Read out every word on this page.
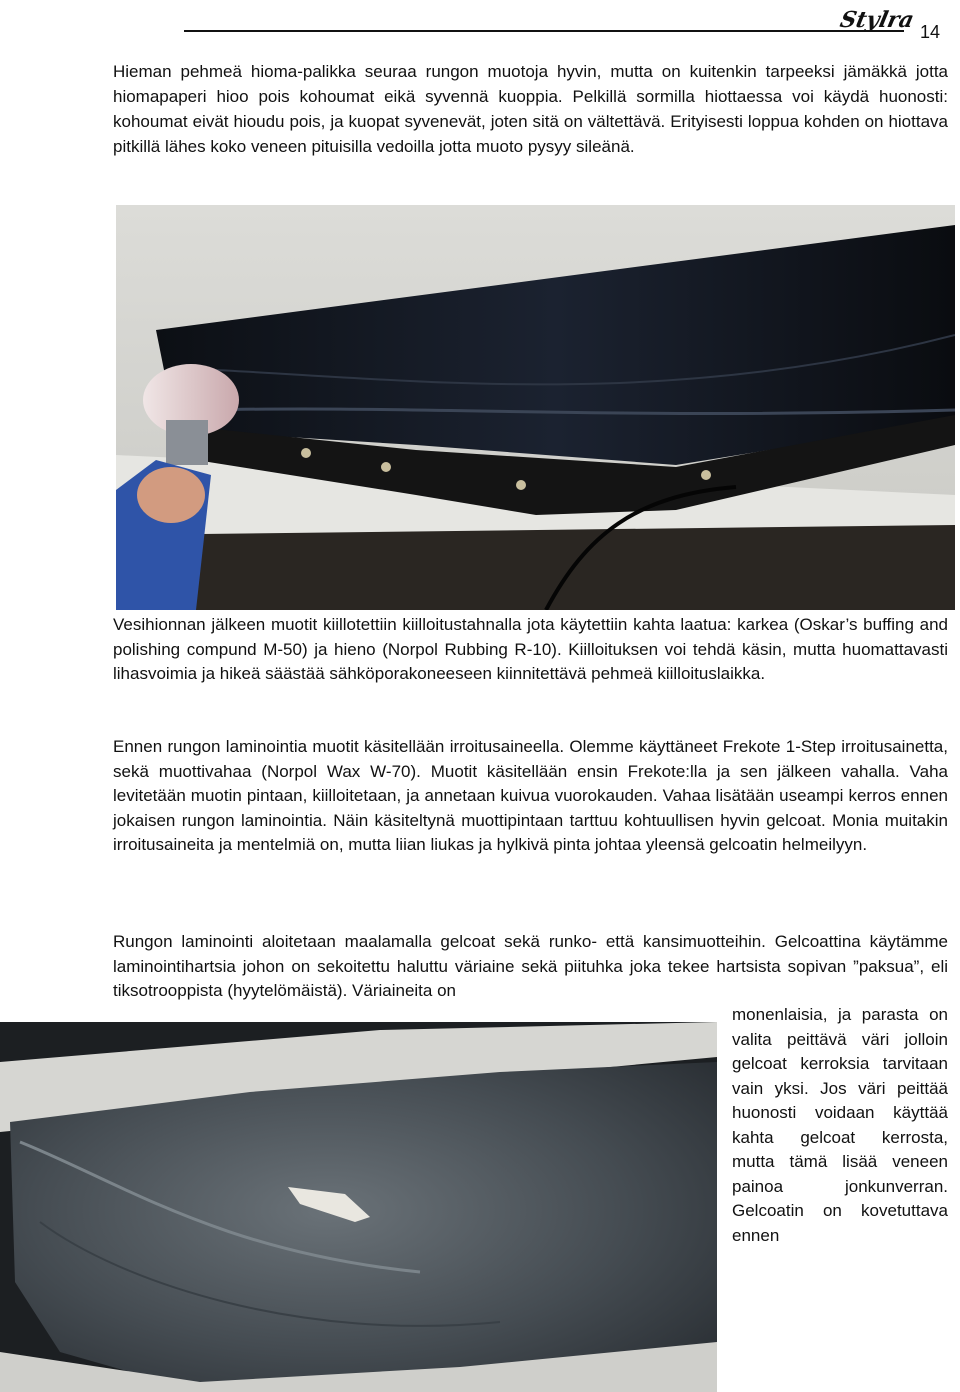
Stylra 14

Hieman pehmeä hioma-palikka seuraa rungon muotoja hyvin, mutta on kuitenkin tarpeeksi jämäkkä jotta hiomapaperi hioo pois kohoumat eikä syvennä kuoppia. Pelkillä sormilla hiottaessa voi käydä huonosti: kohoumat eivät hioudu pois, ja kuopat syvenevät, joten sitä on vältettävä. Erityisesti loppua kohden on hiottava pitkillä lähes koko veneen pituisilla vedoilla jotta muoto pysyy sileänä.

Vesihionnan jälkeen muotit kiillotettiin kiilloitustahnalla jota käytettiin kahta laatua: karkea (Oskar’s buffing and polishing compund M-50) ja hieno (Norpol Rubbing R-10). Kiilloituksen voi tehdä käsin, mutta huomattavasti lihasvoimia ja hikeä säästää sähköporakoneeseen kiinnitettävä pehmeä kiilloituslaikka.

Ennen rungon laminointia muotit käsitellään irroitusaineella. Olemme käyttäneet Frekote 1-Step irroitusainetta, sekä muottivahaa (Norpol Wax W-70). Muotit käsitellään ensin Frekote:lla ja sen jälkeen vahalla. Vaha levitetään muotin pintaan, kiilloitetaan, ja annetaan kuivua vuorokauden. Vahaa lisätään useampi kerros ennen jokaisen rungon laminointia. Näin käsiteltynä muottipintaan tarttuu kohtuullisen hyvin gelcoat. Monia muitakin irroitusaineita ja mentelmiä on, mutta liian liukas ja hylkivä pinta johtaa yleensä gelcoatin helmeilyyn.

Rungon laminointi aloitetaan maalamalla gelcoat sekä runko- että kansimuotteihin. Gelcoattina käytämme laminointihartsia johon on sekoitettu haluttu väriaine sekä piituhka joka tekee hartsista sopivan ”paksua”, eli tiksotrooppista (hyytelömäistä). Väriaineita on

monenlaisia, ja parasta on valita peittävä väri jolloin gelcoat kerroksia tarvitaan vain yksi. Jos väri peittää huonosti voidaan käyttää kahta gelcoat kerrosta, mutta tämä lisää veneen painoa jonkunverran. Gelcoatin on kovetuttava ennen
